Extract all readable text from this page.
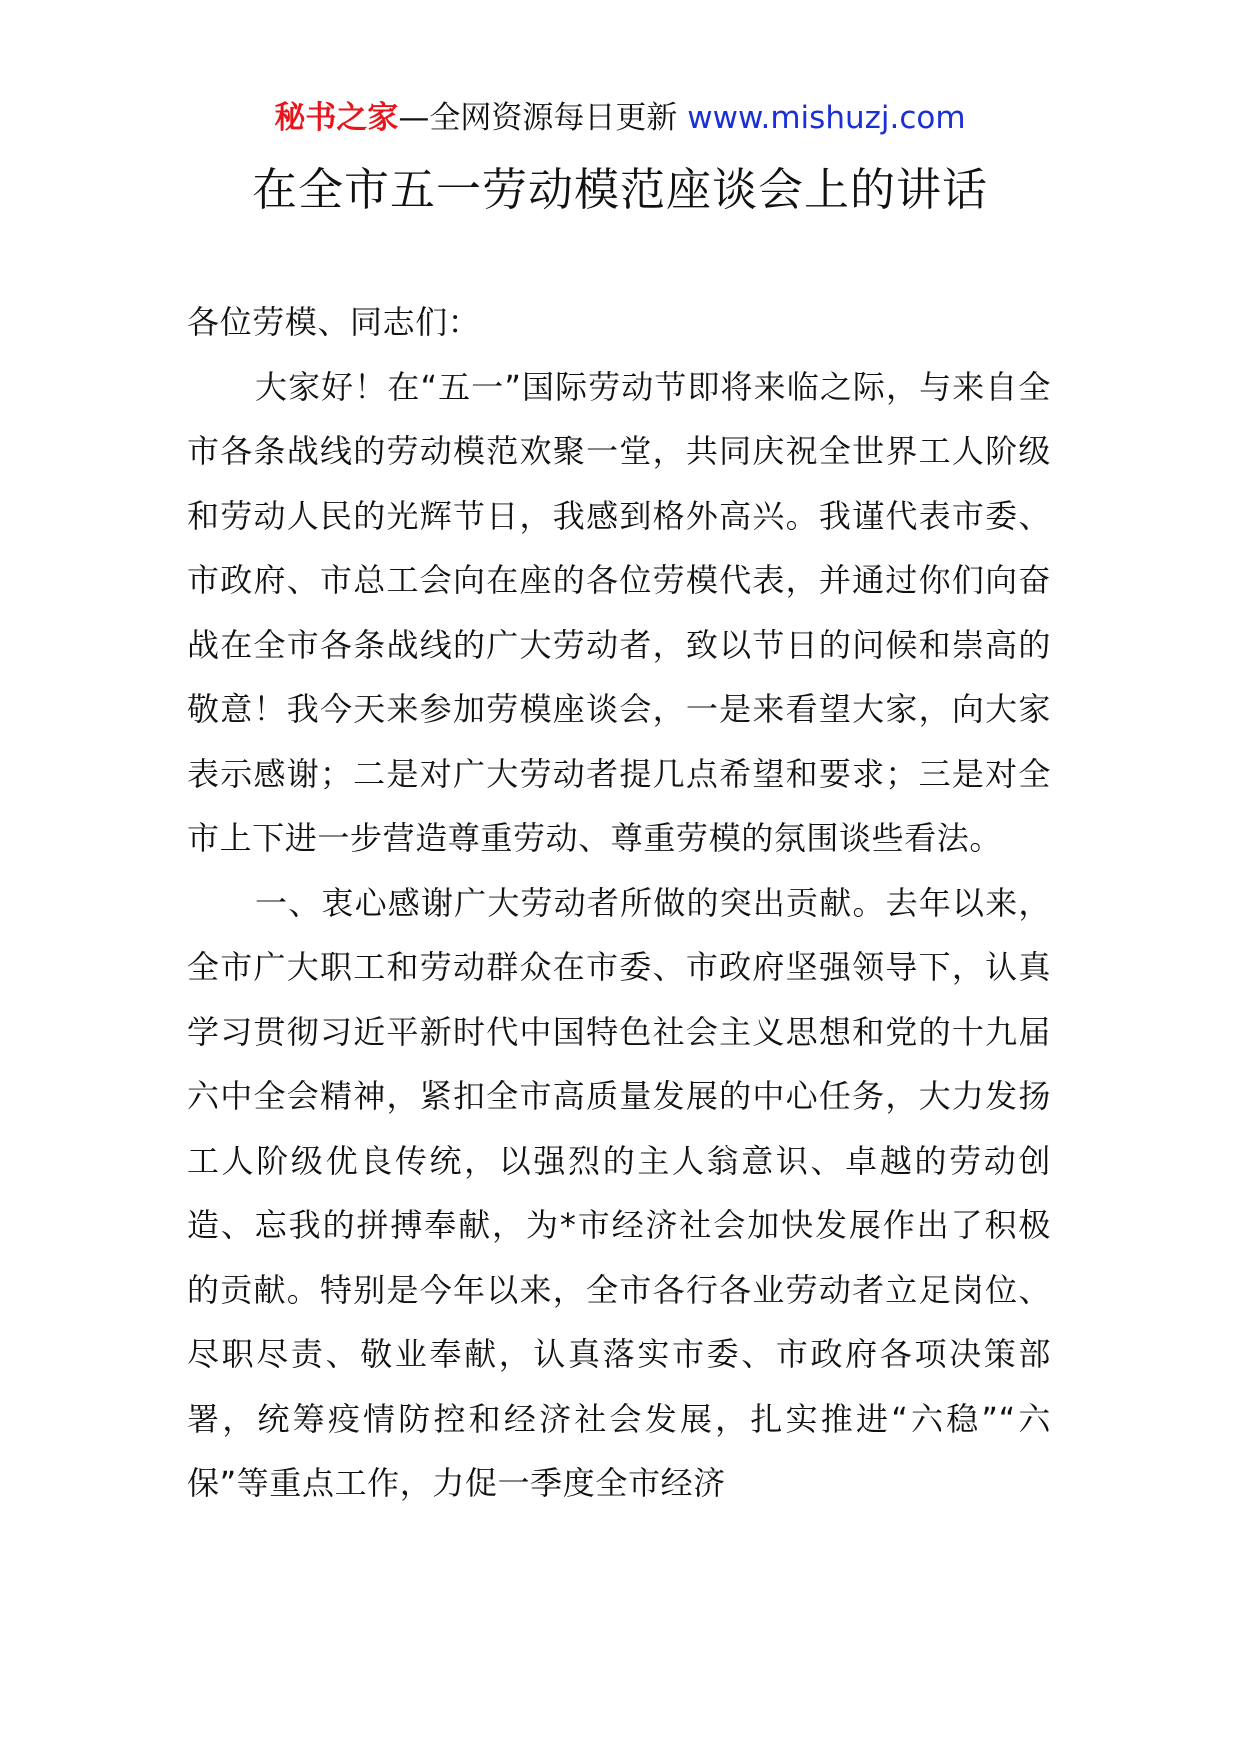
秘书之家—全网资源每日更新 www.mishuzj.com
在全市五一劳动模范座谈会上的讲话

各位劳模、同志们：

大家好！在“五一”国际劳动节即将来临之际，与来自全市各条战线的劳动模范欢聚一堂，共同庆祝全世界工人阶级和劳动人民的光辉节日，我感到格外高兴。我谨代表市委、市政府、市总工会向在座的各位劳模代表，并通过你们向奋战在全市各条战线的广大劳动者，致以节日的问候和崇高的敬意！我今天来参加劳模座谈会，一是来看望大家，向大家表示感谢；二是对广大劳动者提几点希望和要求；三是对全市上下进一步营造尊重劳动、尊重劳模的氛围谈些看法。

一、衷心感谢广大劳动者所做的突出贡献。去年以来，全市广大职工和劳动群众在市委、市政府坚强领导下，认真学习贯彻习近平新时代中国特色社会主义思想和党的十九届六中全会精神，紧扣全市高质量发展的中心任务，大力发扬工人阶级优良传统，以强烈的主人翁意识、卓越的劳动创造、忘我的拼搏奉献，为*市经济社会加快发展作出了积极的贡献。特别是今年以来，全市各行各业劳动者立足岗位、尽职尽责、敬业奉献，认真落实市委、市政府各项决策部署，统筹疫情防控和经济社会发展，扎实推进“六稳”“六保”等重点工作，力促一季度全市经济
